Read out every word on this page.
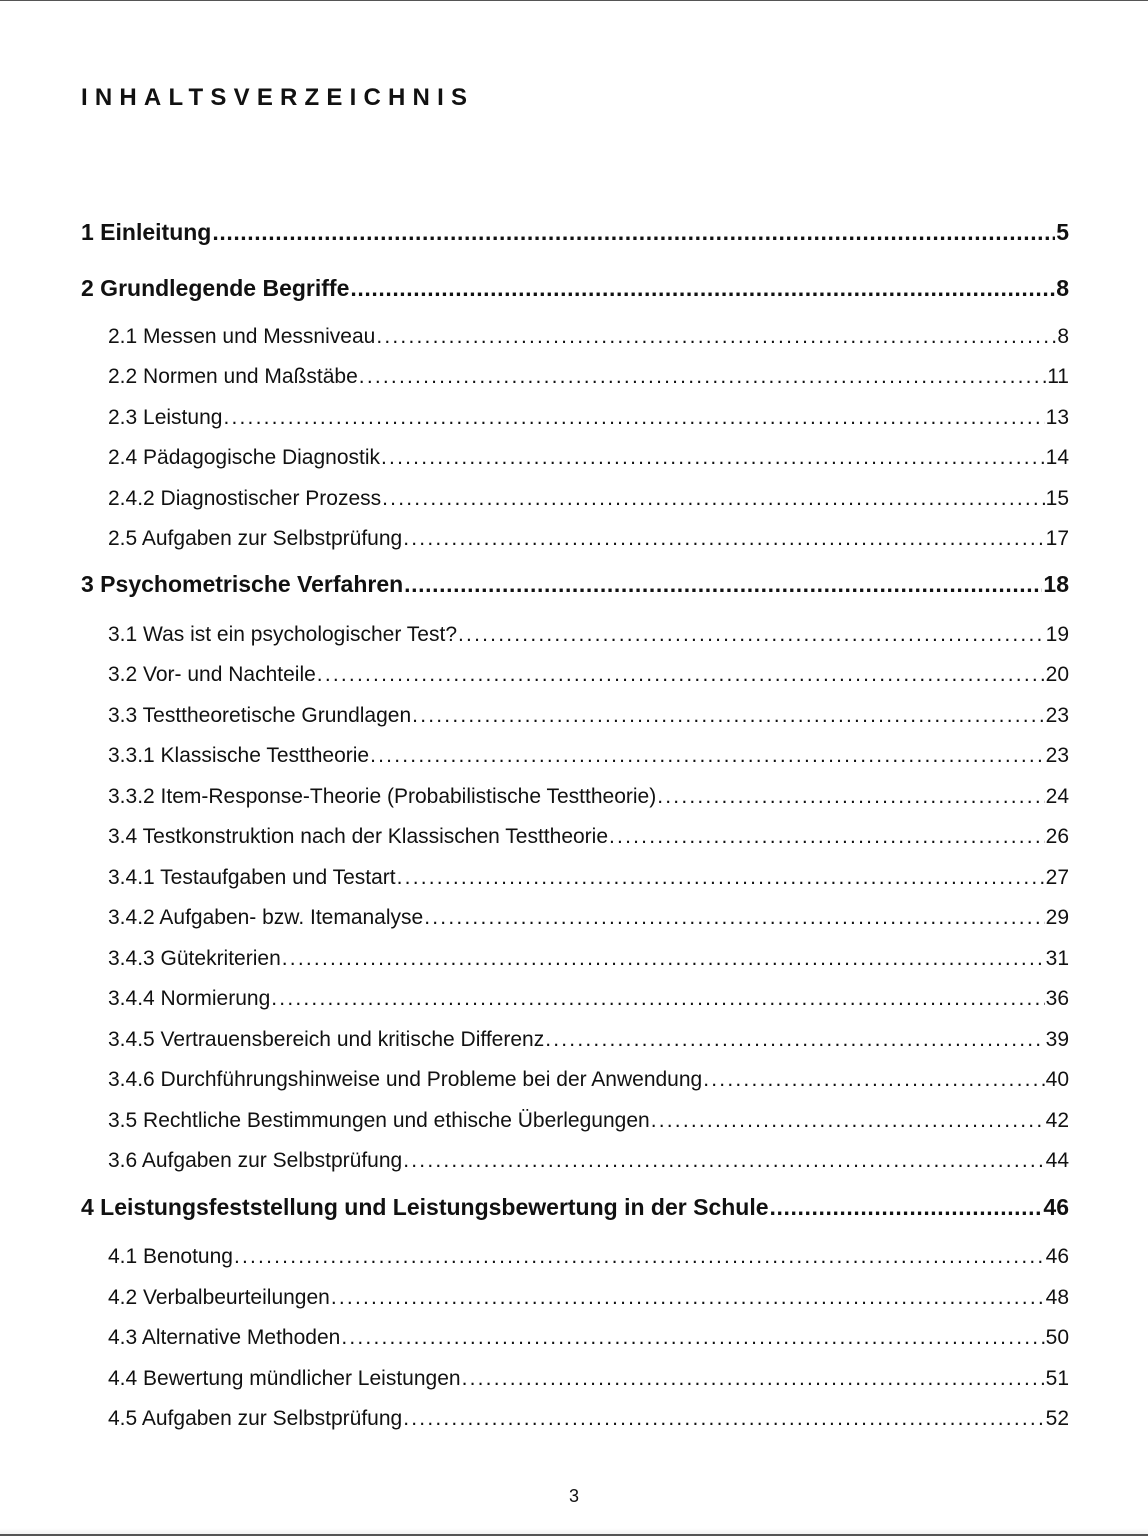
INHALTSVERZEICHNIS
1 Einleitung .....	5
2 Grundlegende Begriffe .....	8
2.1 Messen und Messniveau .....	8
2.2 Normen und Maßstäbe .....	11
2.3 Leistung .....	13
2.4 Pädagogische Diagnostik .....	14
2.4.2 Diagnostischer Prozess .....	15
2.5 Aufgaben zur Selbstprüfung .....	17
3 Psychometrische Verfahren .....	18
3.1 Was ist ein psychologischer Test? .....	19
3.2 Vor- und Nachteile .....	20
3.3 Testtheoretische Grundlagen .....	23
3.3.1 Klassische Testtheorie .....	23
3.3.2 Item-Response-Theorie (Probabilistische Testtheorie) .....	24
3.4 Testkonstruktion nach der Klassischen Testtheorie .....	26
3.4.1 Testaufgaben und Testart .....	27
3.4.2 Aufgaben- bzw. Itemanalyse .....	29
3.4.3 Gütekriterien .....	31
3.4.4 Normierung .....	36
3.4.5 Vertrauensbereich und kritische Differenz .....	39
3.4.6 Durchführungshinweise und Probleme bei der Anwendung .....	40
3.5 Rechtliche Bestimmungen und ethische Überlegungen .....	42
3.6 Aufgaben zur Selbstprüfung .....	44
4 Leistungsfeststellung und Leistungsbewertung in der Schule .....	46
4.1 Benotung .....	46
4.2 Verbalbeurteilungen .....	48
4.3 Alternative Methoden .....	50
4.4 Bewertung mündlicher Leistungen .....	51
4.5 Aufgaben zur Selbstprüfung .....	52
3
